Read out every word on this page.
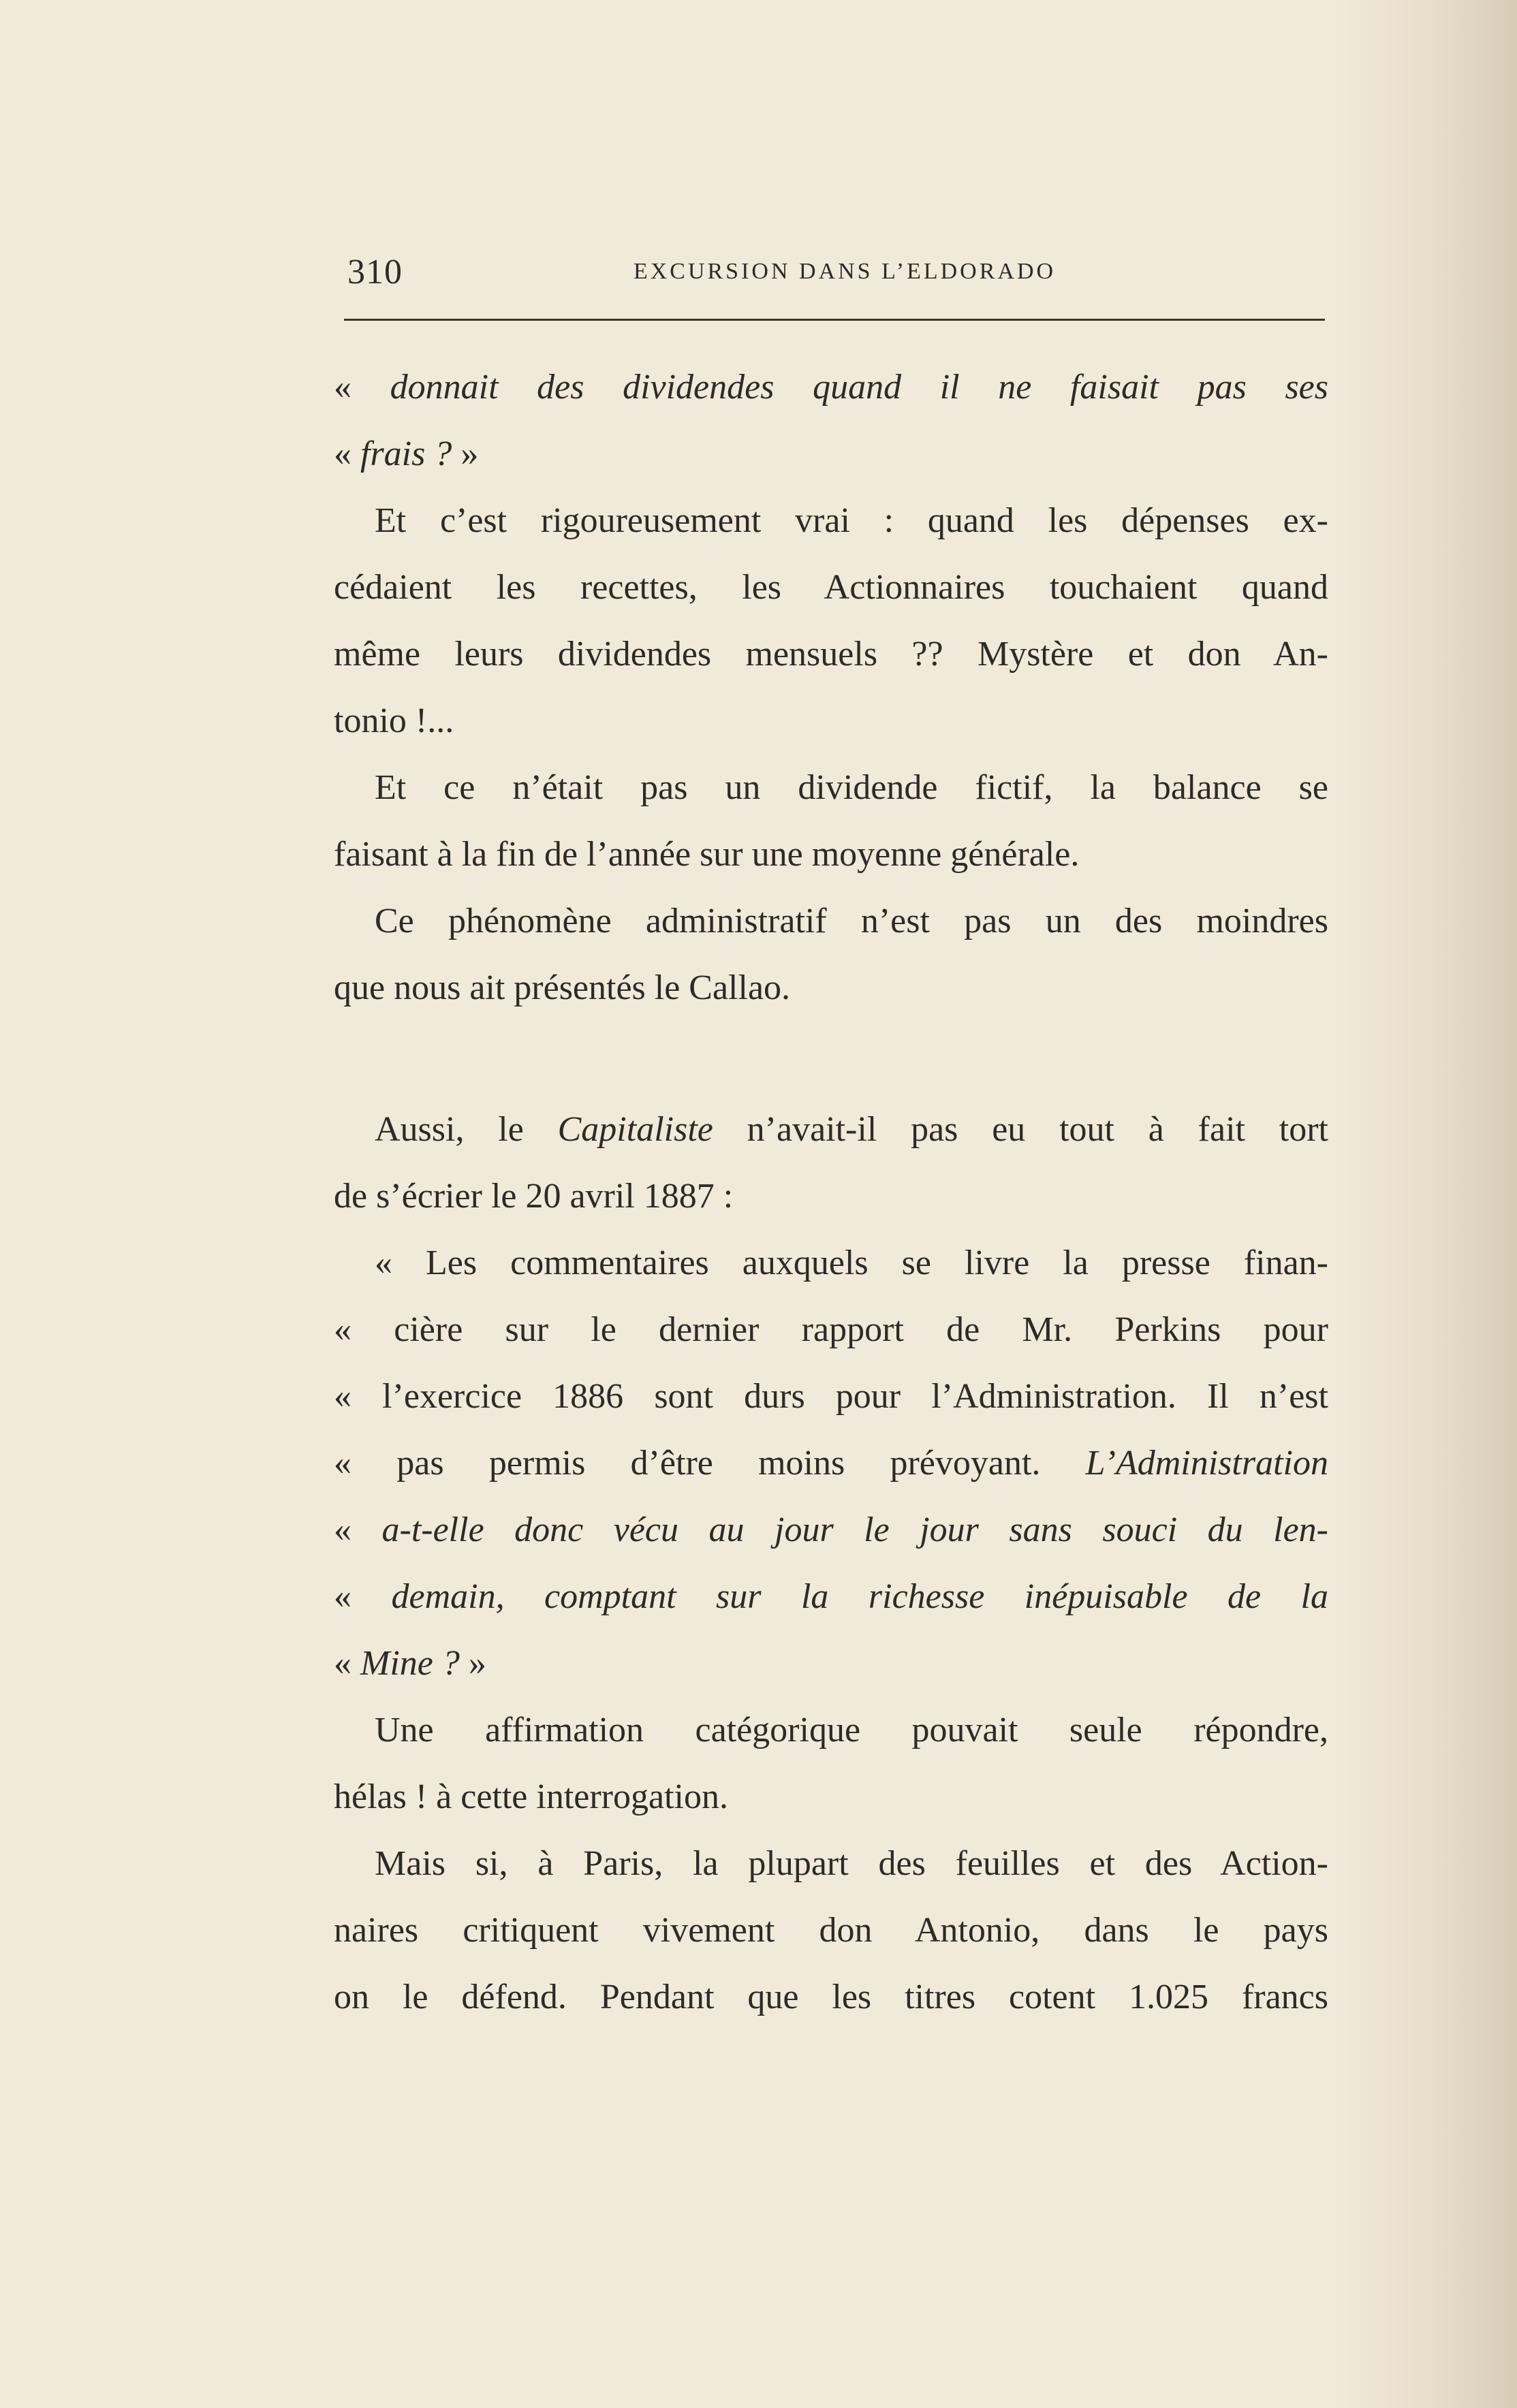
310	EXCURSION DANS L’ELDORADO
« donnait des dividendes quand il ne faisait pas ses
« frais ? »
Et c’est rigoureusement vrai : quand les dépenses ex-
cédaient les recettes, les Actionnaires touchaient quand
même leurs dividendes mensuels ?? Mystère et don An-
tonio !...
Et ce n’était pas un dividende fictif, la balance se
faisant à la fin de l’année sur une moyenne générale.
Ce phénomène administratif n’est pas un des moindres
que nous ait présentés le Callao.
Aussi, le Capitaliste n’avait-il pas eu tout à fait tort
de s’écrier le 20 avril 1887 :
« Les commentaires auxquels se livre la presse finan-
« cière sur le dernier rapport de Mr. Perkins pour
« l’exercice 1886 sont durs pour l’Administration. Il n’est
« pas permis d’être moins prévoyant. L’Administration
« a-t-elle donc vécu au jour le jour sans souci du len-
« demain, comptant sur la richesse inépuisable de la
« Mine ? »
Une affirmation catégorique pouvait seule répondre,
hélas ! à cette interrogation.
Mais si, à Paris, la plupart des feuilles et des Action-
naires critiquent vivement don Antonio, dans le pays
on le défend. Pendant que les titres cotent 1.025 francs
